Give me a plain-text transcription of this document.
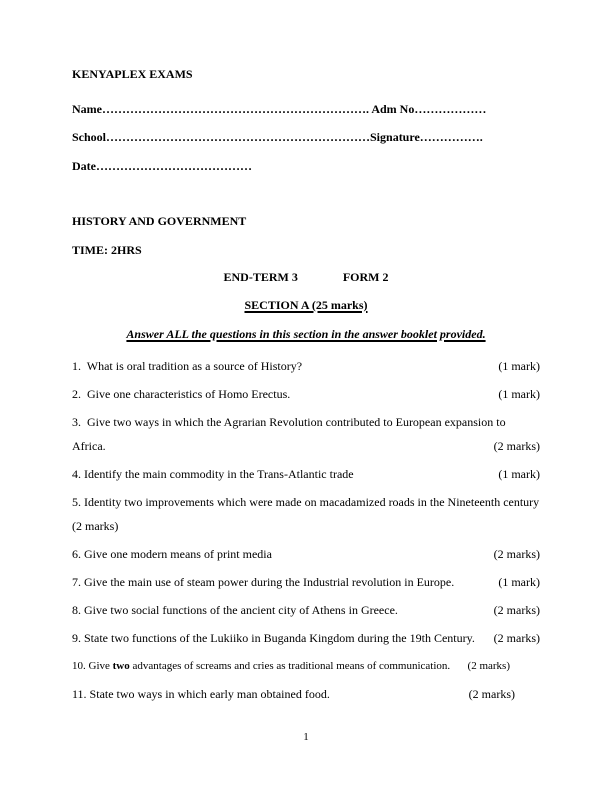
KENYAPLEX EXAMS
Name…………………………………………………………. Adm No………………
School…………………………………………………………Signature…………….
Date…………………………………
HISTORY AND GOVERNMENT
TIME: 2HRS
END-TERM 3	FORM 2
SECTION A (25 marks)
Answer ALL the questions in this section in the answer booklet provided.
1.  What is oral tradition as a source of History?	(1 mark)
2.  Give one characteristics of Homo Erectus.	(1 mark)
3.  Give two ways in which the Agrarian Revolution contributed to European expansion to
Africa.	(2 marks)
4. Identify the main commodity in the Trans-Atlantic trade	(1 mark)
5. Identity two improvements which were made on macadamized roads in the Nineteenth century
(2 marks)
6. Give one modern means of print media	(2 marks)
7. Give the main use of steam power during the Industrial revolution in Europe.	(1 mark)
8. Give two social functions of the ancient city of Athens in Greece.	(2 marks)
9. State two functions of the Lukiiko in Buganda Kingdom during the 19th Century. (2 marks)
10. Give two advantages of screams and cries as traditional means of communication. (2 marks)
11. State two ways in which early man obtained food.	(2 marks)
1
